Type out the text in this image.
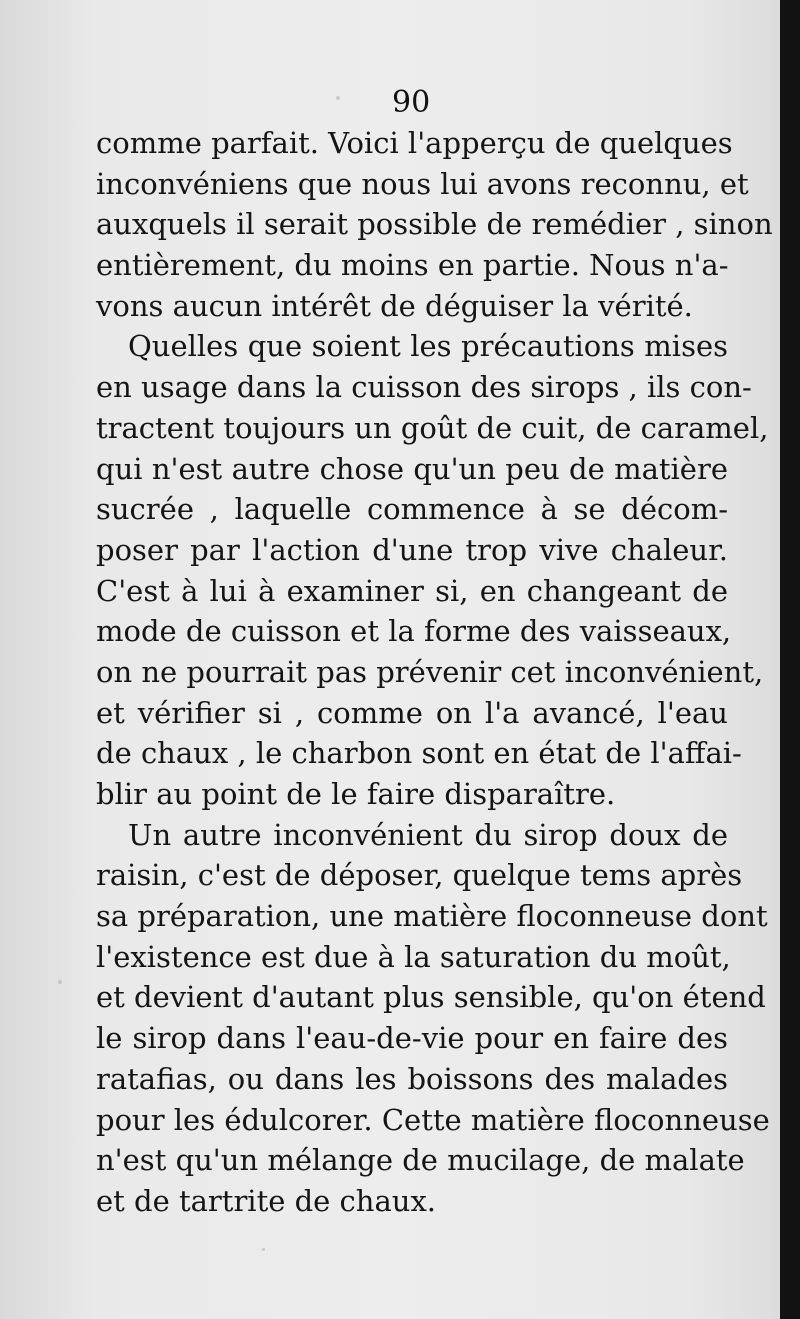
90
comme parfait. Voici l'apperçu de quelques
inconvéniens que nous lui avons reconnu, et
auxquels il serait possible de remédier , sinon
entièrement, du moins en partie. Nous n'a-
vons aucun intérêt de déguiser la vérité.
Quelles que soient les précautions mises
en usage dans la cuisson des sirops , ils con-
tractent toujours un goût de cuit, de caramel,
qui n'est autre chose qu'un peu de matière
sucrée , laquelle commence à se décom-
poser par l'action d'une trop vive chaleur.
C'est à lui à examiner si, en changeant de
mode de cuisson et la forme des vaisseaux,
on ne pourrait pas prévenir cet inconvénient,
et vérifier si , comme on l'a avancé, l'eau
de chaux , le charbon sont en état de l'affai-
blir au point de le faire disparaître.
Un autre inconvénient du sirop doux de
raisin, c'est de déposer, quelque tems après
sa préparation, une matière floconneuse dont
l'existence est due à la saturation du moût,
et devient d'autant plus sensible, qu'on étend
le sirop dans l'eau-de-vie pour en faire des
ratafias, ou dans les boissons des malades
pour les édulcorer. Cette matière floconneuse
n'est qu'un mélange de mucilage, de malate
et de tartrite de chaux.
